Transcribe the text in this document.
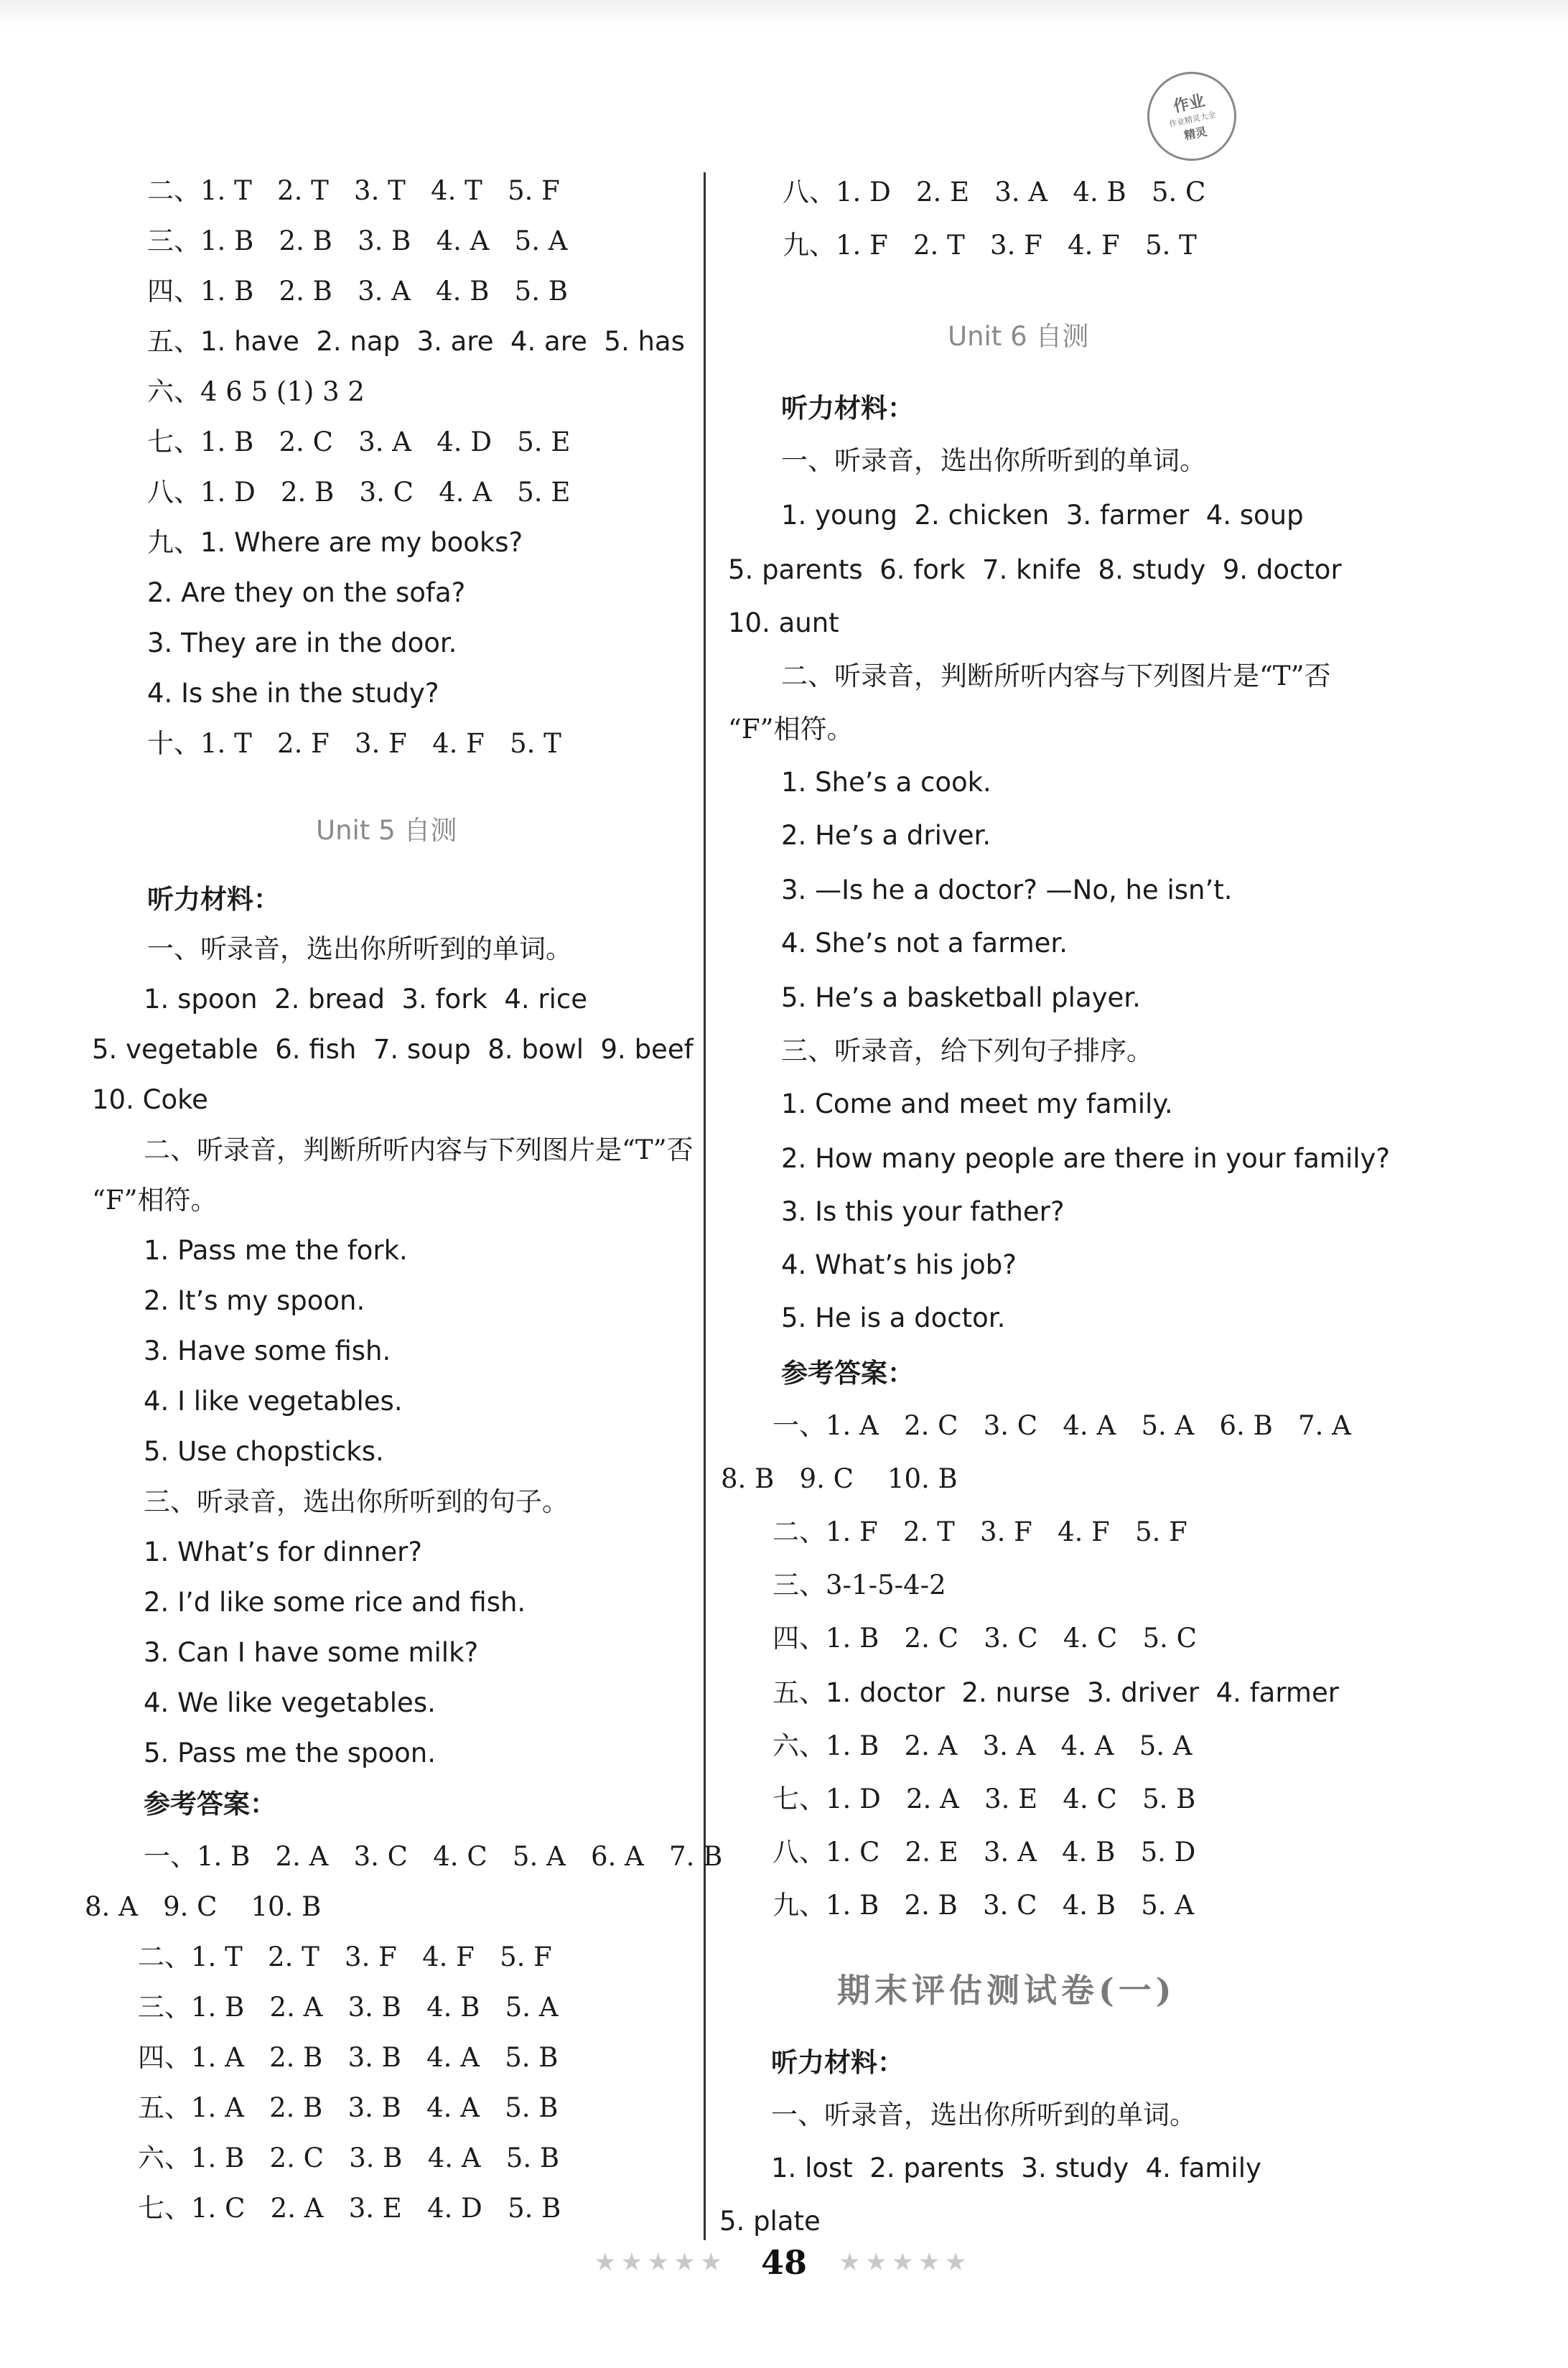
作业
作业精灵大全
精灵
二、1. T   2. T   3. T   4. T   5. F
三、1. B   2. B   3. B   4. A   5. A
四、1. B   2. B   3. A   4. B   5. B
五、1. have  2. nap  3. are  4. are  5. has
六、4 6 5 (1) 3 2
七、1. B   2. C   3. A   4. D   5. E
八、1. D   2. B   3. C   4. A   5. E
九、1. Where are my books?
2. Are they on the sofa?
3. They are in the door.
4. Is she in the study?
十、1. T   2. F   3. F   4. F   5. T
Unit 5 自测
听力材料：
一、听录音，选出你所听到的单词。
1. spoon  2. bread  3. fork  4. rice
5. vegetable  6. fish  7. soup  8. bowl  9. beef
10. Coke
二、听录音，判断所听内容与下列图片是“T”否
“F”相符。
1. Pass me the fork.
2. It’s my spoon.
3. Have some fish.
4. I like vegetables.
5. Use chopsticks.
三、听录音，选出你所听到的句子。
1. What’s for dinner?
2. I’d like some rice and fish.
3. Can I have some milk?
4. We like vegetables.
5. Pass me the spoon.
参考答案：
一、1. B   2. A   3. C   4. C   5. A   6. A   7. B
8. A   9. C    10. B
二、1. T   2. T   3. F   4. F   5. F
三、1. B   2. A   3. B   4. B   5. A
四、1. A   2. B   3. B   4. A   5. B
五、1. A   2. B   3. B   4. A   5. B
六、1. B   2. C   3. B   4. A   5. B
七、1. C   2. A   3. E   4. D   5. B
八、1. D   2. E   3. A   4. B   5. C
九、1. F   2. T   3. F   4. F   5. T
Unit 6 自测
听力材料：
一、听录音，选出你所听到的单词。
1. young  2. chicken  3. farmer  4. soup
5. parents  6. fork  7. knife  8. study  9. doctor
10. aunt
二、听录音，判断所听内容与下列图片是“T”否
“F”相符。
1. She’s a cook.
2. He’s a driver.
3. —Is he a doctor? —No, he isn’t.
4. She’s not a farmer.
5. He’s a basketball player.
三、听录音，给下列句子排序。
1. Come and meet my family.
2. How many people are there in your family?
3. Is this your father?
4. What’s his job?
5. He is a doctor.
参考答案：
一、1. A   2. C   3. C   4. A   5. A   6. B   7. A
8. B   9. C    10. B
二、1. F   2. T   3. F   4. F   5. F
三、3-1-5-4-2
四、1. B   2. C   3. C   4. C   5. C
五、1. doctor  2. nurse  3. driver  4. farmer
六、1. B   2. A   3. A   4. A   5. A
七、1. D   2. A   3. E   4. C   5. B
八、1. C   2. E   3. A   4. B   5. D
九、1. B   2. B   3. C   4. B   5. A
期末评估测试卷(一)
听力材料：
一、听录音，选出你所听到的单词。
1. lost  2. parents  3. study  4. family
5. plate
★★★★★ 48 ★★★★★
